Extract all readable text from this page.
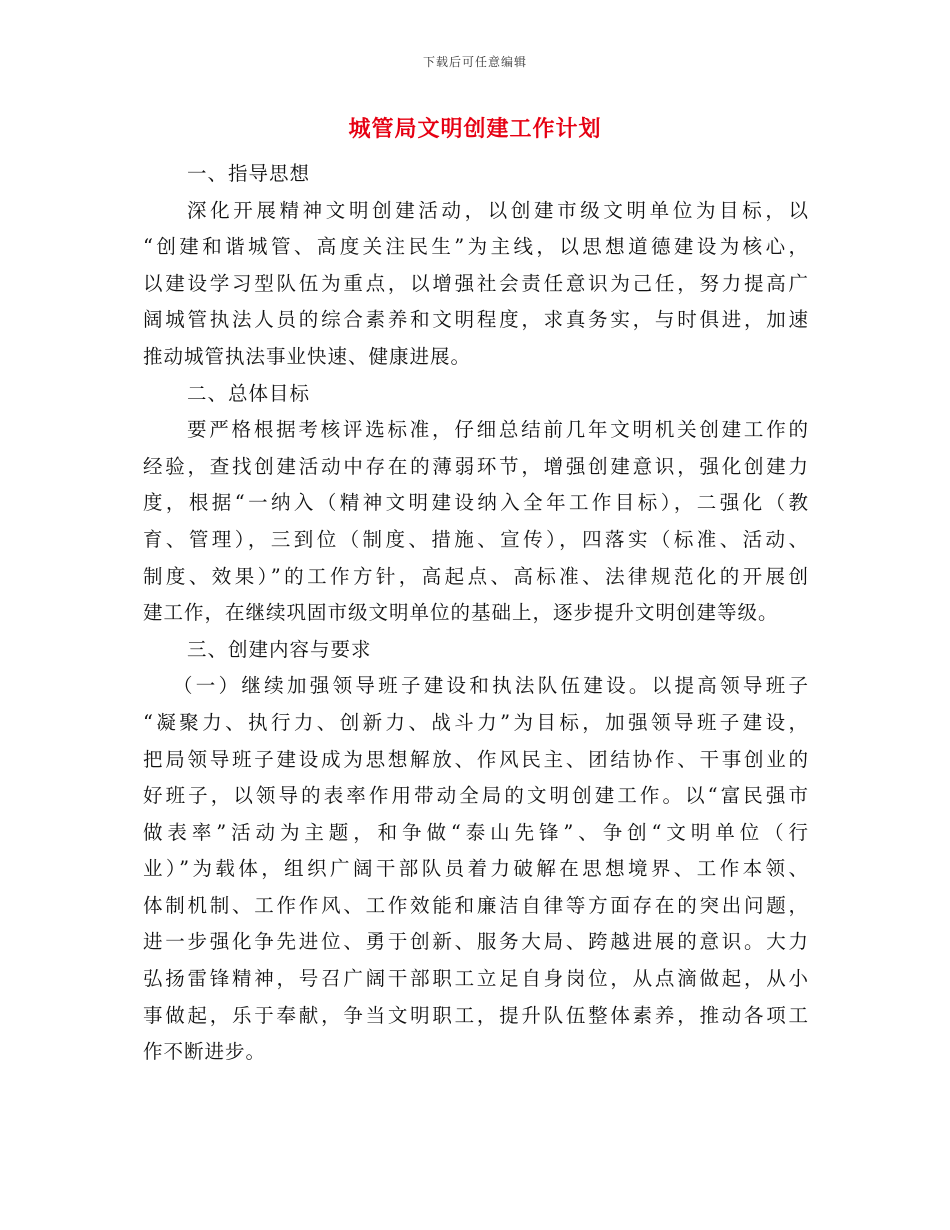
下载后可任意编辑
城管局文明创建工作计划
一、指导思想
深化开展精神文明创建活动，以创建市级文明单位为目标，以
“创建和谐城管、高度关注民生”为主线，以思想道德建设为核心，
以建设学习型队伍为重点，以增强社会责任意识为己任，努力提高广
阔城管执法人员的综合素养和文明程度，求真务实，与时俱进，加速
推动城管执法事业快速、健康进展。
二、总体目标
要严格根据考核评选标准，仔细总结前几年文明机关创建工作的
经验，查找创建活动中存在的薄弱环节，增强创建意识，强化创建力
度，根据“一纳入（精神文明建设纳入全年工作目标），二强化（教
育、管理），三到位（制度、措施、宣传），四落实（标准、活动、
制度、效果）”的工作方针，高起点、高标准、法律规范化的开展创
建工作，在继续巩固市级文明单位的基础上，逐步提升文明创建等级。
三、创建内容与要求
（一）继续加强领导班子建设和执法队伍建设。以提高领导班子
“凝聚力、执行力、创新力、战斗力”为目标，加强领导班子建设，
把局领导班子建设成为思想解放、作风民主、团结协作、干事创业的
好班子，以领导的表率作用带动全局的文明创建工作。以“富民强市
做表率”活动为主题，和争做“泰山先锋”、争创“文明单位（行
业）”为载体，组织广阔干部队员着力破解在思想境界、工作本领、
体制机制、工作作风、工作效能和廉洁自律等方面存在的突出问题，
进一步强化争先进位、勇于创新、服务大局、跨越进展的意识。大力
弘扬雷锋精神，号召广阔干部职工立足自身岗位，从点滴做起，从小
事做起，乐于奉献，争当文明职工，提升队伍整体素养，推动各项工
作不断进步。
